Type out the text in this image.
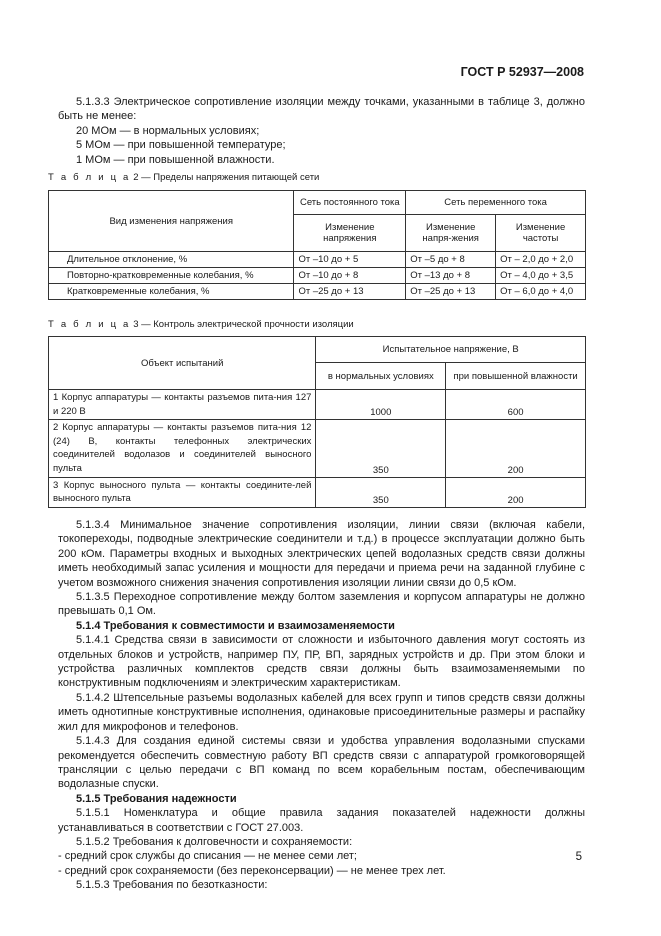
ГОСТ Р 52937—2008

5.1.3.3 Электрическое сопротивление изоляции между точками, указанными в таблице 3, должно быть не менее:

20 МОм — в нормальных условиях;

5 МОм — при повышенной температуре;

1 МОм — при повышенной влажности.

Т а б л и ц а 2 — Пределы напряжения питающей сети
Вид изменения напряжения	Сеть постоянного тока	Сеть переменного тока	
	Изменение напряжения	Изменение напря-жения	Изменение частоты
Длительное отклонение, %	От –10 до + 5	От –5 до + 8	От – 2,0 до + 2,0
Повторно-кратковременные колебания, %	От –10 до + 8	От –13 до + 8	От – 4,0 до + 3,5
Кратковременные колебания, %	От –25 до + 13	От –25 до + 13	От – 6,0 до + 4,0
Т а б л и ц а 3 — Контроль электрической прочности изоляции
Объект испытаний	Испытательное напряжение, В	
	в нормальных условиях	при повышенной влажности
1 Корпус аппаратуры — контакты разъемов пита-ния 127 и 220 В	1000	600
2 Корпус аппаратуры — контакты разъемов пита-ния 12 (24) В, контакты телефонных электрических соединителей водолазов и соединителей выносного пульта	350	200
3 Корпус выносного пульта — контакты соедините-лей выносного пульта	350	200

5.1.3.4 Минимальное значение сопротивления изоляции, линии связи (включая кабели, токопереходы, подводные электрические соединители и т.д.) в процессе эксплуатации должно быть 200 кОм. Параметры входных и выходных электрических цепей водолазных средств связи должны иметь необходимый запас усиления и мощности для передачи и приема речи на заданной глубине с учетом возможного снижения значения сопротивления изоляции линии связи до 0,5 кОм.

5.1.3.5 Переходное сопротивление между болтом заземления и корпусом аппаратуры не должно превышать 0,1 Ом.

5.1.4 Требования к совместимости и взаимозаменяемости

5.1.4.1 Средства связи в зависимости от сложности и избыточного давления могут состоять из отдельных блоков и устройств, например ПУ, ПР, ВП, зарядных устройств и др. При этом блоки и устройства различных комплектов средств связи должны быть взаимозаменяемыми по конструктивным подключениям и электрическим характеристикам.

5.1.4.2 Штепсельные разъемы водолазных кабелей для всех групп и типов средств связи должны иметь однотипные конструктивные исполнения, одинаковые присоединительные размеры и распайку жил для микрофонов и телефонов.

5.1.4.3 Для создания единой системы связи и удобства управления водолазными спусками рекомендуется обеспечить совместную работу ВП средств связи с аппаратурой громкоговорящей трансляции с целью передачи с ВП команд по всем корабельным постам, обеспечивающим водолазные спуски.

5.1.5 Требования надежности

5.1.5.1 Номенклатура и общие правила задания показателей надежности должны устанавливаться в соответствии с ГОСТ 27.003.

5.1.5.2 Требования к долговечности и сохраняемости:

- средний срок службы до списания — не менее семи лет;

- средний срок сохраняемости (без переконсервации) — не менее трех лет.

5.1.5.3 Требования по безотказности:

5
